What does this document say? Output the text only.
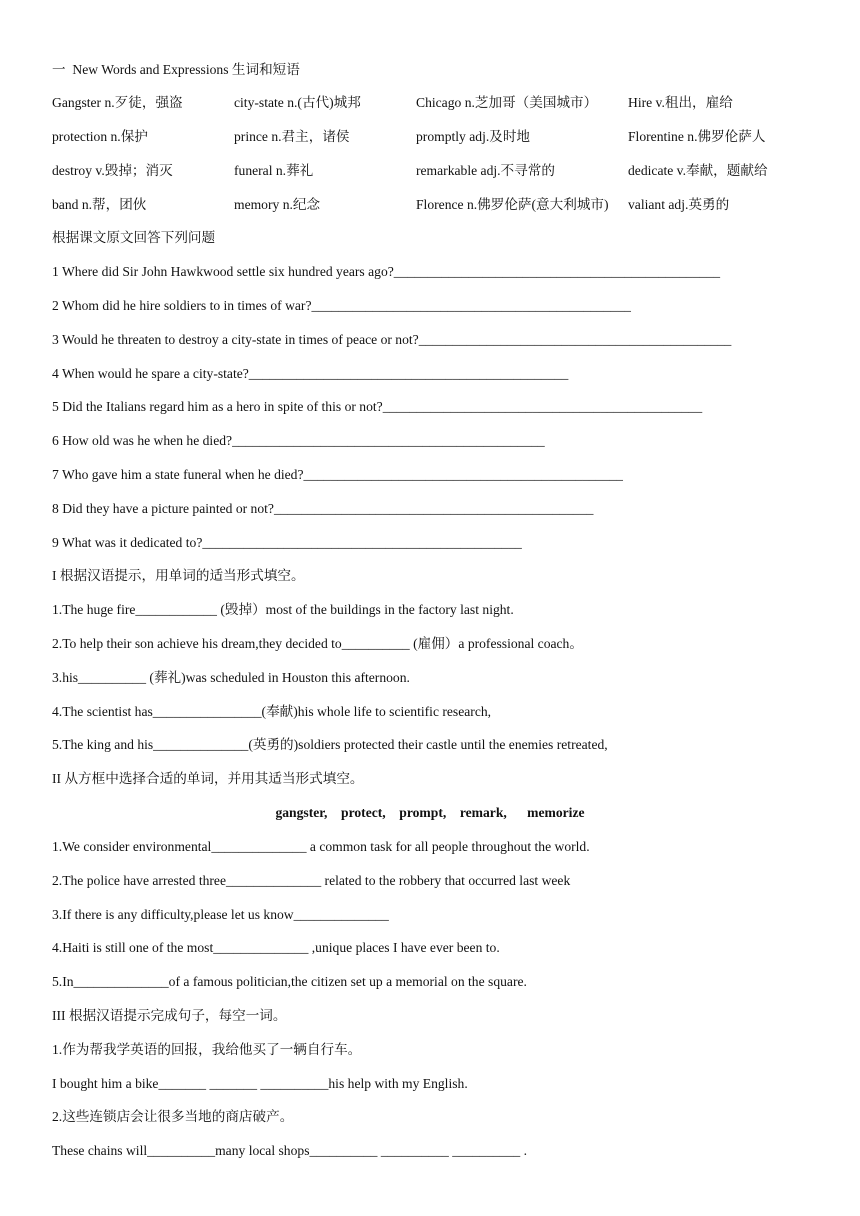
一  New Words and Expressions 生词和短语
Gangster n.歹徒，强盗	city-state n.(古代)城邦	Chicago n.芝加哥（美国城市） Hire v.租出，雇给
protection n.保护	prince n.君主，诸侯	promptly adj.及时地	Florentine n.佛罗伦萨人
destroy v.毁掉；消灭	funeral n.葬礼	remarkable adj.不寻常的	dedicate v.奉献，题献给
band n.帮，团伙	memory n.纪念	Florence n.佛罗伦萨(意大利城市) valiant adj.英勇的
根据课文原文回答下列问题
1 Where did Sir John Hawkwood settle six hundred years ago?________________________________________________
2 Whom did he hire soldiers to in times of war?_______________________________________________
3 Would he threaten to destroy a city-state in times of peace or not?______________________________________________
4 When would he spare a city-state?_______________________________________________
5 Did the Italians regard him as a hero in spite of this or not?_______________________________________________
6 How old was he when he died?______________________________________________
7 Who gave him a state funeral when he died?_______________________________________________
8 Did they have a picture painted or not?_______________________________________________
9 What was it dedicated to?_______________________________________________
I 根据汉语提示，用单词的适当形式填空。
1.The huge fire____________ (毁掉）most of the buildings in the factory last night.
2.To help their son achieve his dream,they decided to__________ (雇佣）a professional coach。
3.his__________ (葬礼)was scheduled in Houston this afternoon.
4.The scientist has________________(奉献)his whole life to scientific research,
5.The king and his______________(英勇的)soldiers protected their castle until the enemies retreated,
II 从方框中选择合适的单词，并用其适当形式填空。
gangster,    protect,    prompt,    remark,      memorize
1.We consider environmental______________ a common task for all people throughout the world.
2.The police have arrested three______________ related to the robbery that occurred last week
3.If there is any difficulty,please let us know______________
4.Haiti is still one of the most______________ ,unique places I have ever been to.
5.In______________of a famous politician,the citizen set up a memorial on the square.
III 根据汉语提示完成句子，每空一词。
1.作为帮我学英语的回报，我给他买了一辆自行车。
I bought him a bike_______ _______ __________his help with my English.
2.这些连锁店会让很多当地的商店破产。
These chains will__________many local shops__________ __________ __________ .
